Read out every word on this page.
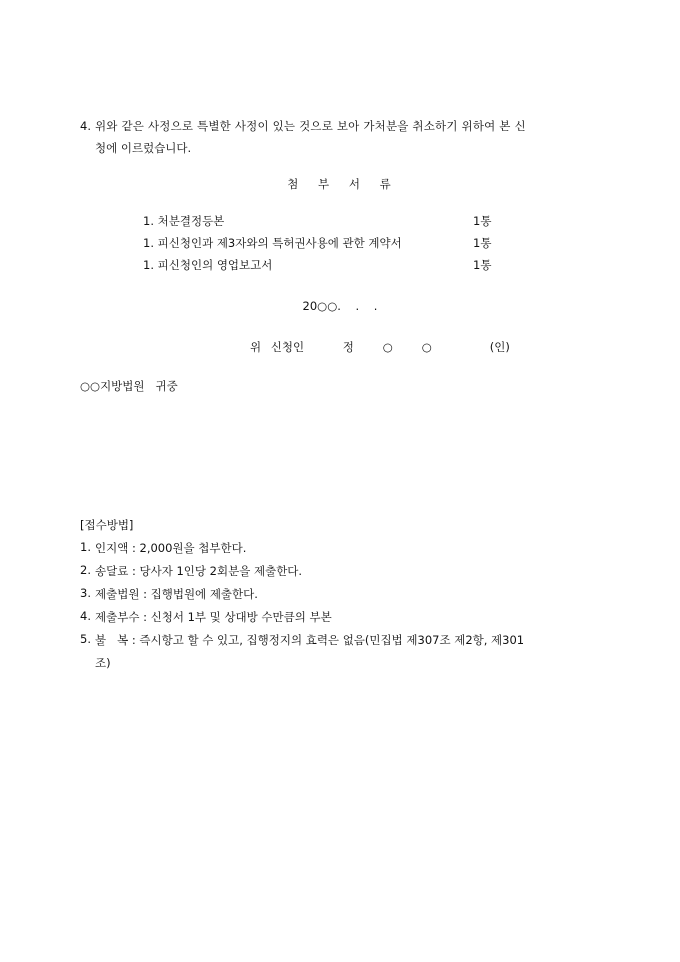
4. 위와 같은 사정으로 특별한 사정이 있는 것으로 보아 가처분을 취소하기 위하여 본 신
청에 이르렀습니다.
첨 부 서 류
1. 처분결정등본	1통
1. 피신청인과 제3자와의 특허권사용에 관한 계약서	1통
1. 피신청인의 영업보고서	1통
20○○.    .    .
위 신청인    정   ○   ○      (인)
○○지방법원   귀중
[접수방법]
1. 인지액 : 2,000원을 첩부한다.
2. 송달료 : 당사자 1인당 2회분을 제출한다.
3. 제출법원 : 집행법원에 제출한다.
4. 제출부수 : 신청서 1부 및 상대방 수만큼의 부본
5. 불   복 : 즉시항고 할 수 있고, 집행정지의 효력은 없음(민집법 제307조 제2항, 제301
조)
